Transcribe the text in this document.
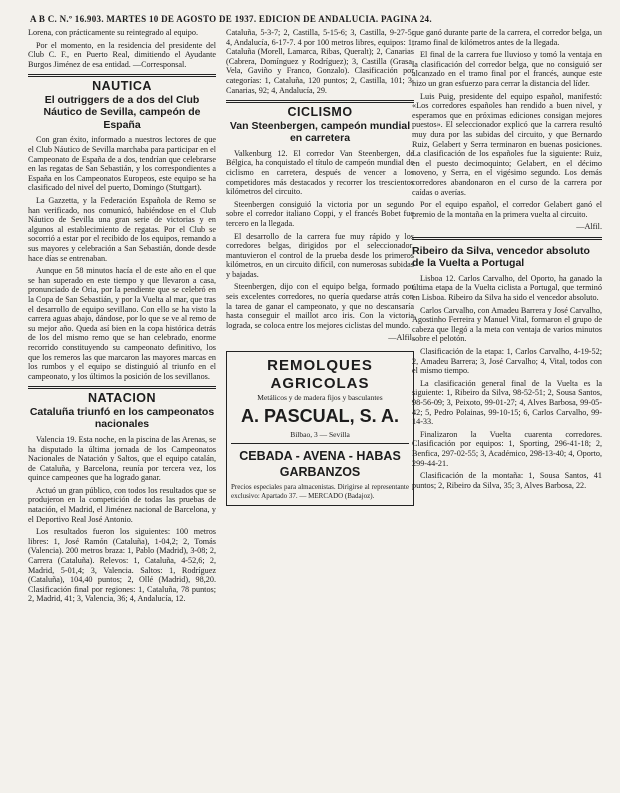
A B C. N.º 16.903. MARTES 10 DE AGOSTO DE 1937. EDICION DE ANDALUCIA. PAGINA 24.

Lorena, con prácticamente su reintegrado al equipo.

Por el momento, en la residencia del presidente del Club C. F., en Puerto Real, dimitiendo el Ayudante Burgos Jiménez de esa entidad. —Corresponsal.

NAUTICA
El outriggers de a dos del Club Náutico de Sevilla, campeón de España

Con gran éxito, informado a nuestros lectores de que el Club Náutico de Sevilla marchaba para participar en el Campeonato de España de a dos, tendrían que celebrarse en las regatas de San Sebastián, y los correspondientes a España en los Campeonatos Europeos, este equipo se ha clasificado del nivel del puerto, Domingo (Stuttgart).

La Gazzetta, y la Federación Española de Remo se han verificado, nos comunicó, habiéndose en el Club Náutico de Sevilla una gran serie de victorias y en algunos al establecimiento de regatas. Por el Club se socorrió a estar por el recibido de los equipos, remando a sus mayores y celebración a San Sebastián, donde desde hace días se entrenaban.

Aunque en 58 minutos hacía el de este año en el que se han superado en este tiempo y que llevaron a casa, pronunciado de Oria, por la pendiente que se celebró en la Copa de San Sebastián, y por la Vuelta al mar, que tras el desarrollo de equipo sevillano. Con ello se ha visto la carrera aguas abajo, dándose, por lo que se ve al remo de su mejor año. Queda así bien en la copa histórica detrás de los del mismo remo que se han celebrado, enorme recorrido constituyendo su campeonato definitivo, los que los remeros las que marcaron las mayores marcas en los rumbos y el equipo se distinguió al triunfo en el campeonato, y los últimos la posición de los sevillanos.

NATACION
Cataluña triunfó en los campeonatos nacionales

Valencia 19. Esta noche, en la piscina de las Arenas, se ha disputado la última jornada de los Campeonatos Nacionales de Natación y Saltos, que el equipo catalán, de Cataluña, y Barcelona, reunía por tercera vez, los quince campeones que ha logrado ganar.

Actuó un gran público, con todos los resultados que se produjeron en la competición de todas las pruebas de natación, el Madrid, el Jiménez nacional de Barcelona, y el Deportivo Real José Antonio.

Los resultados fueron los siguientes: 100 metros libres: 1, José Ramón (Cataluña), 1-04,2; 2, Tomás (Valencia). 200 metros braza: 1, Pablo (Madrid), 3-08; 2, Carrera (Cataluña). Relevos: 1, Cataluña, 4-52,6; 2, Madrid, 5-01,4; 3, Valencia. Saltos: 1, Rodríguez (Cataluña), 104,40 puntos; 2, Ollé (Madrid), 98,20. Clasificación final por regiones: 1, Cataluña, 78 puntos; 2, Madrid, 41; 3, Valencia, 36; 4, Andalucía, 12.

Cataluña, 5-3-7; 2, Castilla, 5-15-6; 3, Castilla, 9-27-5; 4, Andalucía, 6-17-7. 4 por 100 metros libres, equipos: 1, Cataluña (Morell, Lamarca, Ribas, Queralt); 2, Canarias (Cabrera, Domínguez y Rodríguez); 3, Castilla (Grasa, Vela, Gaviño y Franco, Gonzalo). Clasificación por categorías: 1, Cataluña, 120 puntos; 2, Castilla, 101; 3, Canarias, 92; 4, Andalucía, 29.

CICLISMO
Van Steenbergen, campeón mundial en carretera

Valkenburg 12. El corredor Van Steenbergen, de Bélgica, ha conquistado el título de campeón mundial de ciclismo en carretera, después de vencer a los competidores más destacados y recorrer los trescientos kilómetros del circuito.

Steenbergen consiguió la victoria por un segundo sobre el corredor italiano Coppi, y el francés Bobet fue tercero en la llegada.

El desarrollo de la carrera fue muy rápido y los corredores belgas, dirigidos por el seleccionador, mantuvieron el control de la prueba desde los primeros kilómetros, en un circuito difícil, con numerosas subidas y bajadas.

Steenbergen, dijo con el equipo belga, formado por seis excelentes corredores, no quería quedarse atrás con la tarea de ganar el campeonato, y que no descansaría hasta conseguir el maillot arco iris. Con la victoria lograda, se coloca entre los mejores ciclistas del mundo.

—Alfil.
REMOLQUES
AGRICOLAS
Metálicos y de madera fijos y basculantes
A. PASCUAL, S. A.
Bilbao, 3 — Sevilla
CEBADA - AVENA - HABAS
GARBANZOS
Precios especiales para almacenistas. Dirigirse al representante exclusivo: Apartado 37. — MERCADO (Badajoz).

que ganó durante parte de la carrera, el corredor belga, un tramo final de kilómetros antes de la llegada.

El final de la carrera fue lluvioso y tomó la ventaja en la clasificación del corredor belga, que no consiguió ser alcanzado en el tramo final por el francés, aunque este hizo un gran esfuerzo para cerrar la distancia del líder.

Luis Puig, presidente del equipo español, manifestó: «Los corredores españoles han rendido a buen nivel, y esperamos que en próximas ediciones consigan mejores puestos». El seleccionador explicó que la carrera resultó muy dura por las subidas del circuito, y que Bernardo Ruiz, Gelabert y Serra terminaron en buenas posiciones. La clasificación de los españoles fue la siguiente: Ruiz, en el puesto decimoquinto; Gelabert, en el décimo noveno, y Serra, en el vigésimo segundo. Los demás corredores abandonaron en el curso de la carrera por caídas o averías.

Por el equipo español, el corredor Gelabert ganó el premio de la montaña en la primera vuelta al circuito.

—Alfil.
Ribeiro da Silva, vencedor absoluto de la Vuelta a Portugal

Lisboa 12. Carlos Carvalho, del Oporto, ha ganado la última etapa de la Vuelta ciclista a Portugal, que terminó en Lisboa. Ribeiro da Silva ha sido el vencedor absoluto.

Carlos Carvalho, con Amadeu Barrera y José Carvalho, Agostinho Ferreira y Manuel Vital, formaron el grupo de cabeza que llegó a la meta con ventaja de varios minutos sobre el pelotón.

Clasificación de la etapa: 1, Carlos Carvalho, 4-19-52; 2, Amadeu Barrera; 3, José Carvalho; 4, Vital, todos con el mismo tiempo.

La clasificación general final de la Vuelta es la siguiente: 1, Ribeiro da Silva, 98-52-51; 2, Sousa Santos, 98-56-09; 3, Peixoto, 99-01-27; 4, Alves Barbosa, 99-05-42; 5, Pedro Polainas, 99-10-15; 6, Carlos Carvalho, 99-14-33.

Finalizaron la Vuelta cuarenta corredores. Clasificación por equipos: 1, Sporting, 296-41-18; 2, Benfica, 297-02-55; 3, Académico, 298-13-40; 4, Oporto, 299-44-21.

Clasificación de la montaña: 1, Sousa Santos, 41 puntos; 2, Ribeiro da Silva, 35; 3, Alves Barbosa, 22.
